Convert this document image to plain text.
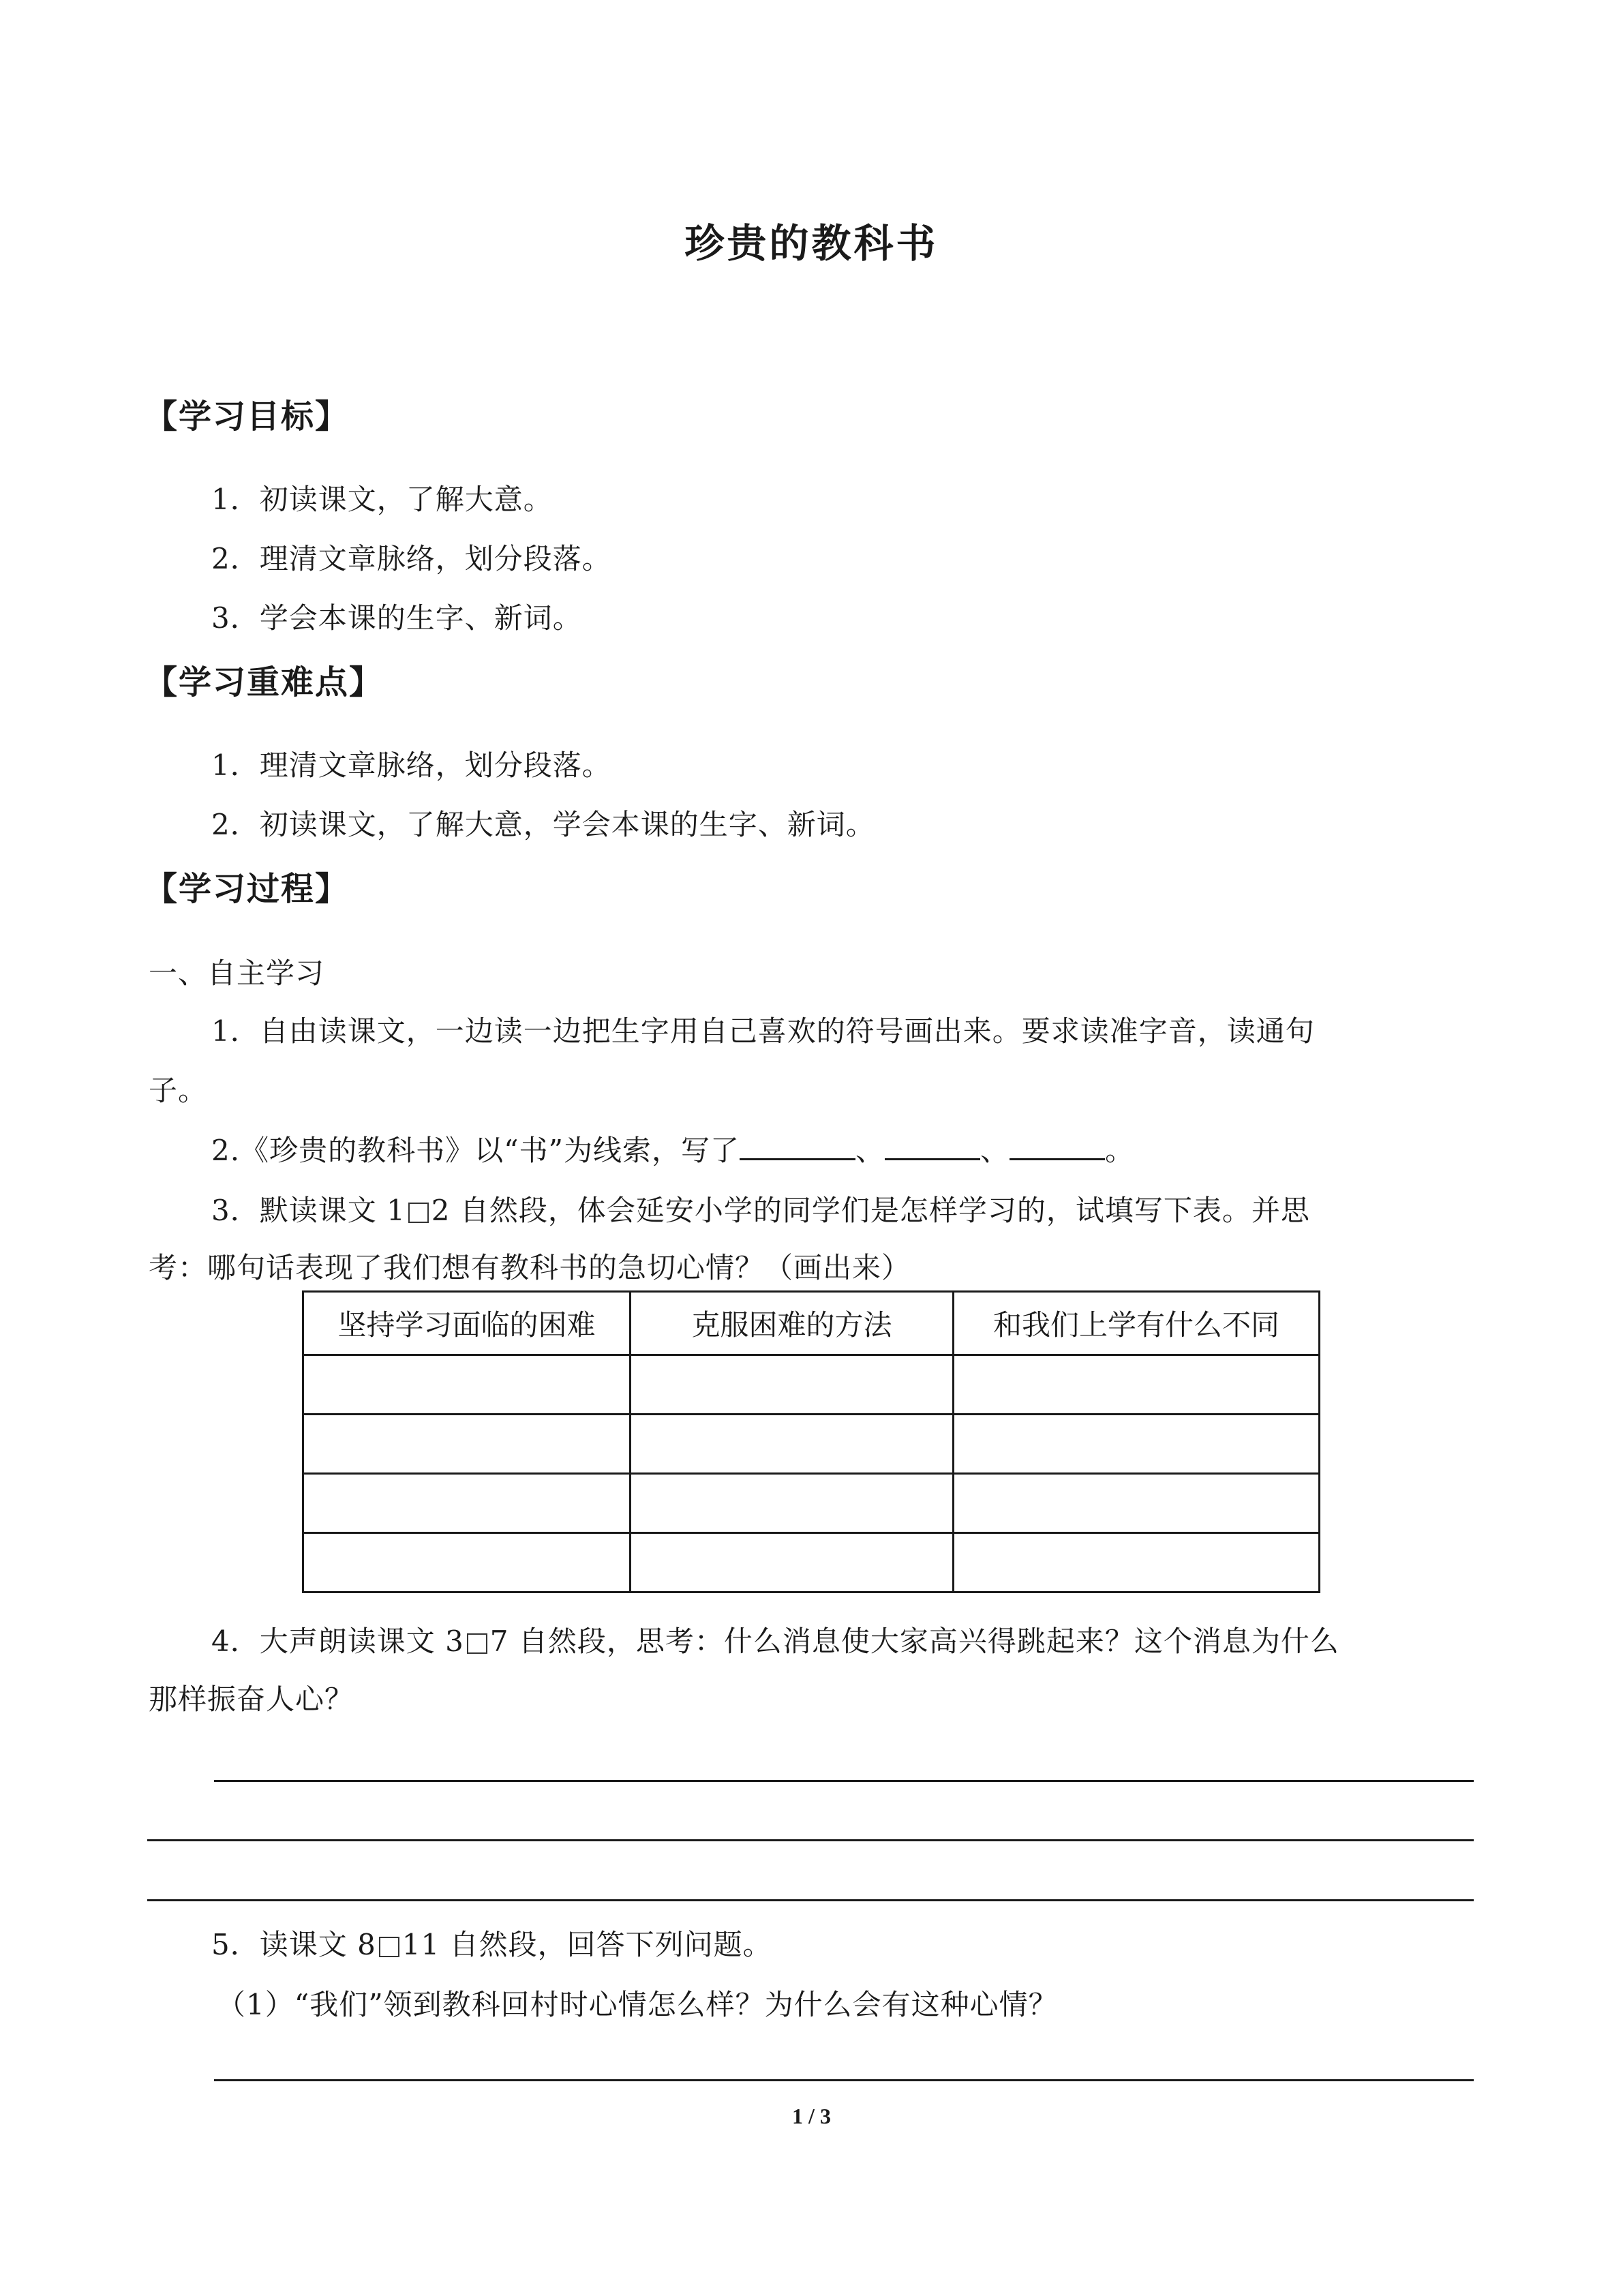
珍贵的教科书
【学习目标】
1．初读课文，了解大意。
2．理清文章脉络，划分段落。
3．学会本课的生字、新词。
【学习重难点】
1．理清文章脉络，划分段落。
2．初读课文，了解大意，学会本课的生字、新词。
【学习过程】
一、自主学习
1．自由读课文，一边读一边把生字用自己喜欢的符号画出来。要求读准字音，读通句
子。
2.《珍贵的教科书》以“书”为线索，写了	、	、	。
3．默读课文 1 2 自然段，体会延安小学的同学们是怎样学习的，试填写下表。并思
考：哪句话表现了我们想有教科书的急切心情？（画出来）
坚持学习面临的困难	克服困难的方法	和我们上学有什么不同

4．大声朗读课文 3 7 自然段，思考：什么消息使大家高兴得跳起来？这个消息为什么
那样振奋人心？
5．读课文 8 11 自然段，回答下列问题。
（1）“我们”领到教科回村时心情怎么样？为什么会有这种心情？
1 / 3
